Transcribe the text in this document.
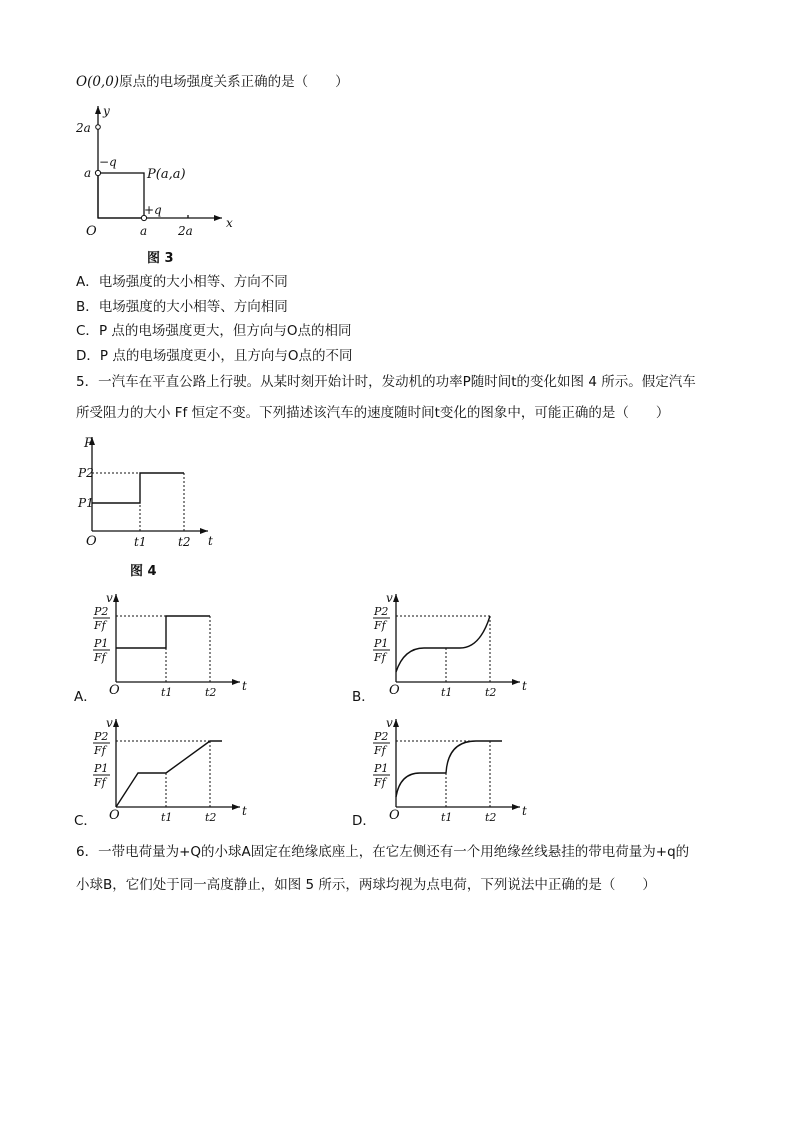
O(0,0)原点的电场强度关系正确的是（　　）
y
x
O
2a
a
a	2a
−q
+q
P(a,a)
图 3
A．电场强度的大小相等、方向不同
B．电场强度的大小相等、方向相同
C．P 点的电场强度更大，但方向与O点的相同
D．P 点的电场强度更小，且方向与O点的不同
5．一汽车在平直公路上行驶。从某时刻开始计时，发动机的功率P随时间t的变化如图 4 所示。假定汽车
所受阻力的大小 Ff 恒定不变。下列描述该汽车的速度随时间t变化的图象中，可能正确的是（　　）
P
t
O
P2
P1
t1	t2
图 4
P2
Ff
P1
Ff
v
t
O	t1	t2
P2
Ff
P1
Ff
v
t
O	t1	t2
P2
Ff
P1
Ff
v
t
O	t1	t2
P2
Ff
P1
Ff
v
t
O	t1	t2
A．	B．
C．	D．
6．一带电荷量为+Q的小球A固定在绝缘底座上，在它左侧还有一个用绝缘丝线悬挂的带电荷量为+q的
小球B，它们处于同一高度静止，如图 5 所示，两球均视为点电荷，下列说法中正确的是（　　）
